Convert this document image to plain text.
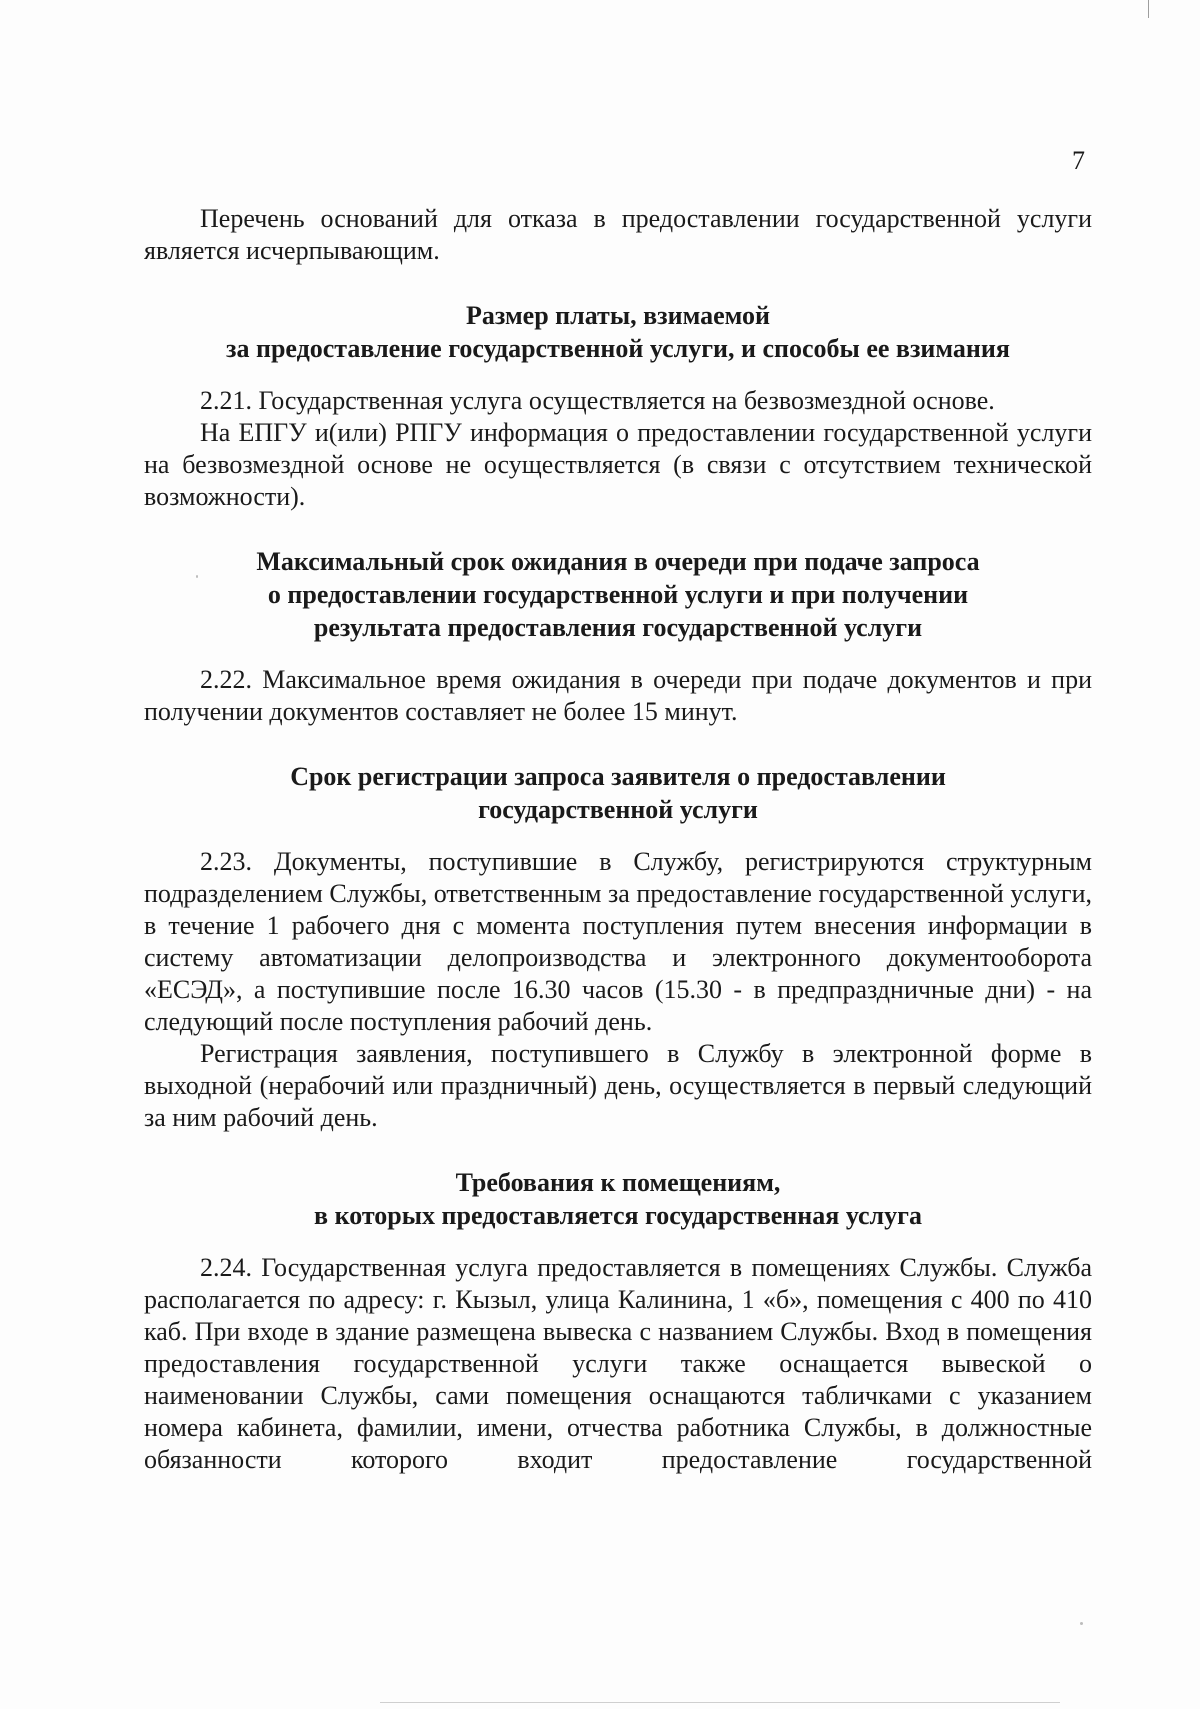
7

Перечень оснований для отказа в предоставлении государственной услуги является исчерпывающим.

Размер платы, взимаемой
за предоставление государственной услуги, и способы ее взимания

2.21. Государственная услуга осуществляется на безвозмездной основе.

На ЕПГУ и(или) РПГУ информация о предоставлении государственной услуги на безвозмездной основе не осуществляется (в связи с отсутствием технической возможности).

Максимальный срок ожидания в очереди при подаче запроса
о предоставлении государственной услуги и при получении
результата предоставления государственной услуги

2.22. Максимальное время ожидания в очереди при подаче документов и при получении документов составляет не более 15 минут.

Срок регистрации запроса заявителя о предоставлении
государственной услуги

2.23. Документы, поступившие в Службу, регистрируются структурным подразделением Службы, ответственным за предоставление государственной услуги, в течение 1 рабочего дня с момента поступления путем внесения информации в систему автоматизации делопроизводства и электронного документооборота «ЕСЭД», а поступившие после 16.30 часов (15.30 - в предпраздничные дни) - на следующий после поступления рабочий день.

Регистрация заявления, поступившего в Службу в электронной форме в выходной (нерабочий или праздничный) день, осуществляется в первый следующий за ним рабочий день.

Требования к помещениям,
в которых предоставляется государственная услуга

2.24. Государственная услуга предоставляется в помещениях Службы. Служба располагается по адресу: г. Кызыл, улица Калинина, 1 «б», помещения с 400 по 410 каб. При входе в здание размещена вывеска с названием Службы. Вход в помещения предоставления государственной услуги также оснащается вывеской о наименовании Службы, сами помещения оснащаются табличками с указанием номера кабинета, фамилии, имени, отчества работника Службы, в должностные обязанности которого входит предоставление государственной
